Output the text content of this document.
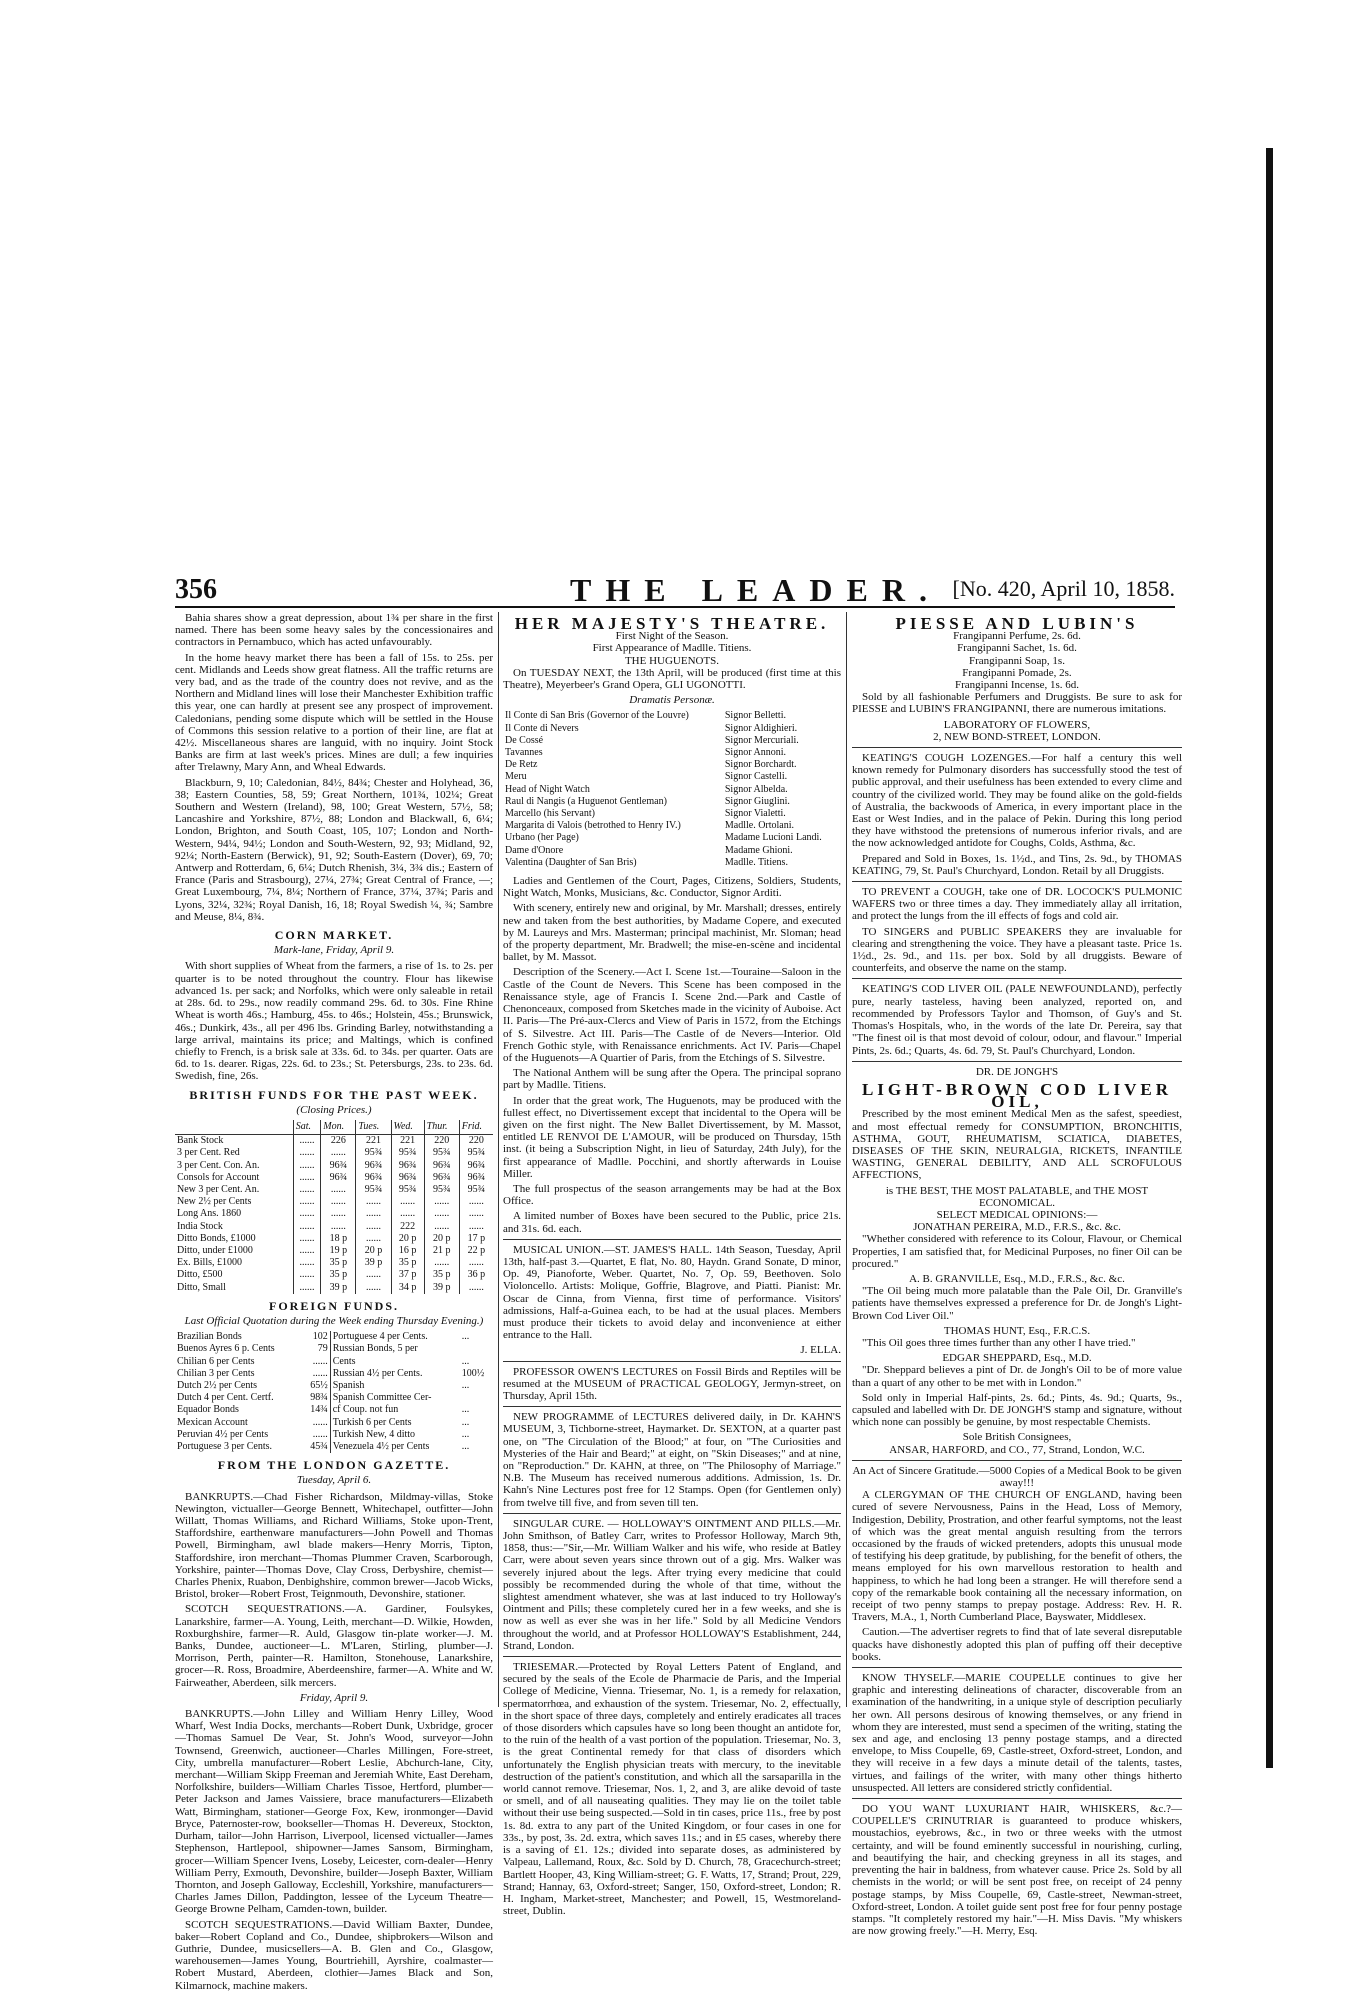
356	THE LEADER. [No. 420, April 10, 1858.

Bahia shares show a great depression, about 1¾ per share in the first named. There has been some heavy sales by the concessionaires and contractors in Pernambuco, which has acted unfavourably.

In the home heavy market there has been a fall of 15s. to 25s. per cent. Midlands and Leeds show great flatness. All the traffic returns are very bad, and as the trade of the country does not revive, and as the Northern and Midland lines will lose their Manchester Exhibition traffic this year, one can hardly at present see any prospect of improvement. Caledonians, pending some dispute which will be settled in the House of Commons this session relative to a portion of their line, are flat at 42½. Miscellaneous shares are languid, with no inquiry. Joint Stock Banks are firm at last week's prices. Mines are dull; a few inquiries after Trelawny, Mary Ann, and Wheal Edwards.

Blackburn, 9, 10; Caledonian, 84½, 84¾; Chester and Holyhead, 36, 38; Eastern Counties, 58, 59; Great Northern, 101¾, 102¼; Great Southern and Western (Ireland), 98, 100; Great Western, 57½, 58; Lancashire and Yorkshire, 87½, 88; London and Blackwall, 6, 6¼; London, Brighton, and South Coast, 105, 107; London and North-Western, 94¼, 94½; London and South-Western, 92, 93; Midland, 92, 92¼; North-Eastern (Berwick), 91, 92; South-Eastern (Dover), 69, 70; Antwerp and Rotterdam, 6, 6¼; Dutch Rhenish, 3¼, 3¾ dis.; Eastern of France (Paris and Strasbourg), 27¼, 27¾; Great Central of France, —; Great Luxembourg, 7¼, 8¼; Northern of France, 37¼, 37¾; Paris and Lyons, 32¼, 32¾; Royal Danish, 16, 18; Royal Swedish ¼, ¾; Sambre and Meuse, 8¼, 8¾.

CORN MARKET.
Mark-lane, Friday, April 9.

With short supplies of Wheat from the farmers, a rise of 1s. to 2s. per quarter is to be noted throughout the country. Flour has likewise advanced 1s. per sack; and Norfolks, which were only saleable in retail at 28s. 6d. to 29s., now readily command 29s. 6d. to 30s. Fine Rhine Wheat is worth 46s.; Hamburg, 45s. to 46s.; Holstein, 45s.; Brunswick, 46s.; Dunkirk, 43s., all per 496 lbs. Grinding Barley, notwithstanding a large arrival, maintains its price; and Maltings, which is confined chiefly to French, is a brisk sale at 33s. 6d. to 34s. per quarter. Oats are 6d. to 1s. dearer. Rigas, 22s. 6d. to 23s.; St. Petersburgs, 23s. to 23s. 6d. Swedish, fine, 26s.

BRITISH FUNDS FOR THE PAST WEEK.
(Closing Prices.)
	Sat.	Mon.	Tues.	Wed.	Thur.	Frid.
Bank Stock	......	226	221	221	220	220
3 per Cent. Red	......	......	95¾	95¾	95¾	95¾
3 per Cent. Con. An.	......	96¾	96¾	96¾	96¾	96¾
Consols for Account	......	96¾	96¾	96¾	96¾	96¾
New 3 per Cent. An.	......	......	95¾	95¾	95¾	95¾
New 2½ per Cents	......	......	......	......	......	......
Long Ans. 1860	......	......	......	......	......	......
India Stock	......	......	......	222	......	......
Ditto Bonds, £1000	......	18 p	......	20 p	20 p	17 p
Ditto, under £1000	......	19 p	20 p	16 p	21 p	22 p
Ex. Bills, £1000	......	35 p	39 p	35 p	......	......
Ditto, £500	......	35 p	......	37 p	35 p	36 p
Ditto, Small	......	39 p	......	34 p	39 p	......
FOREIGN FUNDS.
Last Official Quotation during the Week ending Thursday Evening.)
Brazilian Bonds	102	Portuguese 4 per Cents.	...
Buenos Ayres 6 p. Cents	79	Russian Bonds, 5 per	
Chilian 6 per Cents	......	Cents	...
Chilian 3 per Cents	......	Russian 4½ per Cents.	100½
Dutch 2½ per Cents	65½	Spanish	...
Dutch 4 per Cent. Certf.	98¾	Spanish Committee Cer-	
Equador Bonds	14¾	cf Coup. not fun	...
Mexican Account	......	Turkish 6 per Cents	...
Peruvian 4½ per Cents	......	Turkish New, 4 ditto	...
Portuguese 3 per Cents.	45¾	Venezuela 4½ per Cents	...
FROM THE LONDON GAZETTE.
Tuesday, April 6.

BANKRUPTS.—Chad Fisher Richardson, Mildmay-villas, Stoke Newington, victualler—George Bennett, Whitechapel, outfitter—John Willatt, Thomas Williams, and Richard Williams, Stoke upon-Trent, Staffordshire, earthenware manufacturers—John Powell and Thomas Powell, Birmingham, awl blade makers—Henry Morris, Tipton, Staffordshire, iron merchant—Thomas Plummer Craven, Scarborough, Yorkshire, painter—Thomas Dove, Clay Cross, Derbyshire, chemist—Charles Phenix, Ruabon, Denbighshire, common brewer—Jacob Wicks, Bristol, broker—Robert Frost, Teignmouth, Devonshire, stationer.

SCOTCH SEQUESTRATIONS.—A. Gardiner, Foulsykes, Lanarkshire, farmer—A. Young, Leith, merchant—D. Wilkie, Howden, Roxburghshire, farmer—R. Auld, Glasgow tin-plate worker—J. M. Banks, Dundee, auctioneer—L. M'Laren, Stirling, plumber—J. Morrison, Perth, painter—R. Hamilton, Stonehouse, Lanarkshire, grocer—R. Ross, Broadmire, Aberdeenshire, farmer—A. White and W. Fairweather, Aberdeen, silk mercers.

Friday, April 9.

BANKRUPTS.—John Lilley and William Henry Lilley, Wood Wharf, West India Docks, merchants—Robert Dunk, Uxbridge, grocer—Thomas Samuel De Vear, St. John's Wood, surveyor—John Townsend, Greenwich, auctioneer—Charles Millingen, Fore-street, City, umbrella manufacturer—Robert Leslie, Abchurch-lane, City, merchant—William Skipp Freeman and Jeremiah White, East Dereham, Norfolkshire, builders—William Charles Tissoe, Hertford, plumber—Peter Jackson and James Vaissiere, brace manufacturers—Elizabeth Watt, Birmingham, stationer—George Fox, Kew, ironmonger—David Bryce, Paternoster-row, bookseller—Thomas H. Devereux, Stockton, Durham, tailor—John Harrison, Liverpool, licensed victualler—James Stephenson, Hartlepool, shipowner—James Sansom, Birmingham, grocer—William Spencer Ivens, Loseby, Leicester, corn-dealer—Henry William Perry, Exmouth, Devonshire, builder—Joseph Baxter, William Thornton, and Joseph Galloway, Eccleshill, Yorkshire, manufacturers—Charles James Dillon, Paddington, lessee of the Lyceum Theatre—George Browne Pelham, Camden-town, builder.

SCOTCH SEQUESTRATIONS.—David William Baxter, Dundee, baker—Robert Copland and Co., Dundee, shipbrokers—Wilson and Guthrie, Dundee, musicsellers—A. B. Glen and Co., Glasgow, warehousemen—James Young, Bourtriehill, Ayrshire, coalmaster—Robert Mustard, Aberdeen, clothier—James Black and Son, Kilmarnock, machine makers.

HER MAJESTY'S THEATRE.
First Night of the Season.
First Appearance of Madlle. Titiens.
THE HUGUENOTS.

On TUESDAY NEXT, the 13th April, will be produced (first time at this Theatre), Meyerbeer's Grand Opera, GLI UGONOTTI.

Dramatis Personæ.
Il Conte di San Bris (Governor of the Louvre)	Signor Belletti.
Il Conte di Nevers	Signor Aldighieri.
De Cossé	Signor Mercuriali.
Tavannes	Signor Annoni.
De Retz	Signor Borchardt.
Meru	Signor Castelli.
Head of Night Watch	Signor Albelda.
Raul di Nangis (a Huguenot Gentleman)	Signor Giuglini.
Marcello (his Servant)	Signor Vialetti.
Margarita di Valois (betrothed to Henry IV.)	Madlle. Ortolani.
Urbano (her Page)	Madame Lucioni Landi.
Dame d'Onore	Madame Ghioni.
Valentina (Daughter of San Bris)	Madlle. Titiens.

Ladies and Gentlemen of the Court, Pages, Citizens, Soldiers, Students, Night Watch, Monks, Musicians, &c. Conductor, Signor Arditi.

With scenery, entirely new and original, by Mr. Marshall; dresses, entirely new and taken from the best authorities, by Madame Copere, and executed by M. Laureys and Mrs. Masterman; principal machinist, Mr. Sloman; head of the property department, Mr. Bradwell; the mise-en-scène and incidental ballet, by M. Massot.

Description of the Scenery.—Act I. Scene 1st.—Touraine—Saloon in the Castle of the Count de Nevers. This Scene has been composed in the Renaissance style, age of Francis I. Scene 2nd.—Park and Castle of Chenonceaux, composed from Sketches made in the vicinity of Auboise. Act II. Paris—The Pré-aux-Clercs and View of Paris in 1572, from the Etchings of S. Silvestre. Act III. Paris—The Castle of de Nevers—Interior. Old French Gothic style, with Renaissance enrichments. Act IV. Paris—Chapel of the Huguenots—A Quartier of Paris, from the Etchings of S. Silvestre.

The National Anthem will be sung after the Opera. The principal soprano part by Madlle. Titiens.

In order that the great work, The Huguenots, may be produced with the fullest effect, no Divertissement except that incidental to the Opera will be given on the first night. The New Ballet Divertissement, by M. Massot, entitled LE RENVOI DE L'AMOUR, will be produced on Thursday, 15th inst. (it being a Subscription Night, in lieu of Saturday, 24th July), for the first appearance of Madlle. Pocchini, and shortly afterwards in Louise Miller.

The full prospectus of the season arrangements may be had at the Box Office.

A limited number of Boxes have been secured to the Public, price 21s. and 31s. 6d. each.

MUSICAL UNION.—ST. JAMES'S HALL. 14th Season, Tuesday, April 13th, half-past 3.—Quartet, E flat, No. 80, Haydn. Grand Sonate, D minor, Op. 49, Pianoforte, Weber. Quartet, No. 7, Op. 59, Beethoven. Solo Violoncello. Artists: Molique, Goffrie, Blagrove, and Piatti. Pianist: Mr. Oscar de Cinna, from Vienna, first time of performance. Visitors' admissions, Half-a-Guinea each, to be had at the usual places. Members must produce their tickets to avoid delay and inconvenience at either entrance to the Hall.

J. ELLA.

PROFESSOR OWEN'S LECTURES on Fossil Birds and Reptiles will be resumed at the MUSEUM of PRACTICAL GEOLOGY, Jermyn-street, on Thursday, April 15th.

NEW PROGRAMME of LECTURES delivered daily, in Dr. KAHN'S MUSEUM, 3, Tichborne-street, Haymarket. Dr. SEXTON, at a quarter past one, on "The Circulation of the Blood;" at four, on "The Curiosities and Mysteries of the Hair and Beard;" at eight, on "Skin Diseases;" and at nine, on "Reproduction." Dr. KAHN, at three, on "The Philosophy of Marriage." N.B. The Museum has received numerous additions. Admission, 1s. Dr. Kahn's Nine Lectures post free for 12 Stamps. Open (for Gentlemen only) from twelve till five, and from seven till ten.

SINGULAR CURE. — HOLLOWAY'S OINTMENT AND PILLS.—Mr. John Smithson, of Batley Carr, writes to Professor Holloway, March 9th, 1858, thus:—"Sir,—Mr. William Walker and his wife, who reside at Batley Carr, were about seven years since thrown out of a gig. Mrs. Walker was severely injured about the legs. After trying every medicine that could possibly be recommended during the whole of that time, without the slightest amendment whatever, she was at last induced to try Holloway's Ointment and Pills; these completely cured her in a few weeks, and she is now as well as ever she was in her life." Sold by all Medicine Vendors throughout the world, and at Professor HOLLOWAY'S Establishment, 244, Strand, London.

TRIESEMAR.—Protected by Royal Letters Patent of England, and secured by the seals of the Ecole de Pharmacie de Paris, and the Imperial College of Medicine, Vienna. Triesemar, No. 1, is a remedy for relaxation, spermatorrhœa, and exhaustion of the system. Triesemar, No. 2, effectually, in the short space of three days, completely and entirely eradicates all traces of those disorders which capsules have so long been thought an antidote for, to the ruin of the health of a vast portion of the population. Triesemar, No. 3, is the great Continental remedy for that class of disorders which unfortunately the English physician treats with mercury, to the inevitable destruction of the patient's constitution, and which all the sarsaparilla in the world cannot remove. Triesemar, Nos. 1, 2, and 3, are alike devoid of taste or smell, and of all nauseating qualities. They may lie on the toilet table without their use being suspected.—Sold in tin cases, price 11s., free by post 1s. 8d. extra to any part of the United Kingdom, or four cases in one for 33s., by post, 3s. 2d. extra, which saves 11s.; and in £5 cases, whereby there is a saving of £1. 12s.; divided into separate doses, as administered by Valpeau, Lallemand, Roux, &c. Sold by D. Church, 78, Gracechurch-street; Bartlett Hooper, 43, King William-street; G. F. Watts, 17, Strand; Prout, 229, Strand; Hannay, 63, Oxford-street; Sanger, 150, Oxford-street, London; R. H. Ingham, Market-street, Manchester; and Powell, 15, Westmoreland-street, Dublin.

PIESSE AND LUBIN'S
Frangipanni Perfume, 2s. 6d.
Frangipanni Sachet, 1s. 6d.
Frangipanni Soap, 1s.
Frangipanni Pomade, 2s.
Frangipanni Incense, 1s. 6d.

Sold by all fashionable Perfumers and Druggists. Be sure to ask for PIESSE and LUBIN'S FRANGIPANNI, there are numerous imitations.

LABORATORY OF FLOWERS,
2, NEW BOND-STREET, LONDON.

KEATING'S COUGH LOZENGES.—For half a century this well known remedy for Pulmonary disorders has successfully stood the test of public approval, and their usefulness has been extended to every clime and country of the civilized world. They may be found alike on the gold-fields of Australia, the backwoods of America, in every important place in the East or West Indies, and in the palace of Pekin. During this long period they have withstood the pretensions of numerous inferior rivals, and are the now acknowledged antidote for Coughs, Colds, Asthma, &c.

Prepared and Sold in Boxes, 1s. 1½d., and Tins, 2s. 9d., by THOMAS KEATING, 79, St. Paul's Churchyard, London. Retail by all Druggists.

TO PREVENT a COUGH, take one of DR. LOCOCK'S PULMONIC WAFERS two or three times a day. They immediately allay all irritation, and protect the lungs from the ill effects of fogs and cold air.

TO SINGERS and PUBLIC SPEAKERS they are invaluable for clearing and strengthening the voice. They have a pleasant taste. Price 1s. 1½d., 2s. 9d., and 11s. per box. Sold by all druggists. Beware of counterfeits, and observe the name on the stamp.

KEATING'S COD LIVER OIL (PALE NEWFOUNDLAND), perfectly pure, nearly tasteless, having been analyzed, reported on, and recommended by Professors Taylor and Thomson, of Guy's and St. Thomas's Hospitals, who, in the words of the late Dr. Pereira, say that "The finest oil is that most devoid of colour, odour, and flavour." Imperial Pints, 2s. 6d.; Quarts, 4s. 6d. 79, St. Paul's Churchyard, London.

DR. DE JONGH'S
LIGHT-BROWN COD LIVER OIL,

Prescribed by the most eminent Medical Men as the safest, speediest, and most effectual remedy for CONSUMPTION, BRONCHITIS, ASTHMA, GOUT, RHEUMATISM, SCIATICA, DIABETES, DISEASES OF THE SKIN, NEURALGIA, RICKETS, INFANTILE WASTING, GENERAL DEBILITY, AND ALL SCROFULOUS AFFECTIONS,

is THE BEST, THE MOST PALATABLE, and THE MOST ECONOMICAL.
SELECT MEDICAL OPINIONS:—
JONATHAN PEREIRA, M.D., F.R.S., &c. &c.

"Whether considered with reference to its Colour, Flavour, or Chemical Properties, I am satisfied that, for Medicinal Purposes, no finer Oil can be procured."

A. B. GRANVILLE, Esq., M.D., F.R.S., &c. &c.

"The Oil being much more palatable than the Pale Oil, Dr. Granville's patients have themselves expressed a preference for Dr. de Jongh's Light-Brown Cod Liver Oil."

THOMAS HUNT, Esq., F.R.C.S.

"This Oil goes three times further than any other I have tried."

EDGAR SHEPPARD, Esq., M.D.

"Dr. Sheppard believes a pint of Dr. de Jongh's Oil to be of more value than a quart of any other to be met with in London."

Sold only in Imperial Half-pints, 2s. 6d.; Pints, 4s. 9d.; Quarts, 9s., capsuled and labelled with Dr. DE JONGH'S stamp and signature, without which none can possibly be genuine, by most respectable Chemists.

Sole British Consignees,
ANSAR, HARFORD, and CO., 77, Strand, London, W.C.
An Act of Sincere Gratitude.—5000 Copies of a Medical Book to be given away!!!

A CLERGYMAN OF THE CHURCH OF ENGLAND, having been cured of severe Nervousness, Pains in the Head, Loss of Memory, Indigestion, Debility, Prostration, and other fearful symptoms, not the least of which was the great mental anguish resulting from the terrors occasioned by the frauds of wicked pretenders, adopts this unusual mode of testifying his deep gratitude, by publishing, for the benefit of others, the means employed for his own marvellous restoration to health and happiness, to which he had long been a stranger. He will therefore send a copy of the remarkable book containing all the necessary information, on receipt of two penny stamps to prepay postage. Address: Rev. H. R. Travers, M.A., 1, North Cumberland Place, Bayswater, Middlesex.

Caution.—The advertiser regrets to find that of late several disreputable quacks have dishonestly adopted this plan of puffing off their deceptive books.

KNOW THYSELF.—MARIE COUPELLE continues to give her graphic and interesting delineations of character, discoverable from an examination of the handwriting, in a unique style of description peculiarly her own. All persons desirous of knowing themselves, or any friend in whom they are interested, must send a specimen of the writing, stating the sex and age, and enclosing 13 penny postage stamps, and a directed envelope, to Miss Coupelle, 69, Castle-street, Oxford-street, London, and they will receive in a few days a minute detail of the talents, tastes, virtues, and failings of the writer, with many other things hitherto unsuspected. All letters are considered strictly confidential.

DO YOU WANT LUXURIANT HAIR, WHISKERS, &c.?—COUPELLE'S CRINUTRIAR is guaranteed to produce whiskers, moustachios, eyebrows, &c., in two or three weeks with the utmost certainty, and will be found eminently successful in nourishing, curling, and beautifying the hair, and checking greyness in all its stages, and preventing the hair in baldness, from whatever cause. Price 2s. Sold by all chemists in the world; or will be sent post free, on receipt of 24 penny postage stamps, by Miss Coupelle, 69, Castle-street, Newman-street, Oxford-street, London. A toilet guide sent post free for four penny postage stamps. "It completely restored my hair."—H. Miss Davis. "My whiskers are now growing freely."—H. Merry, Esq.
